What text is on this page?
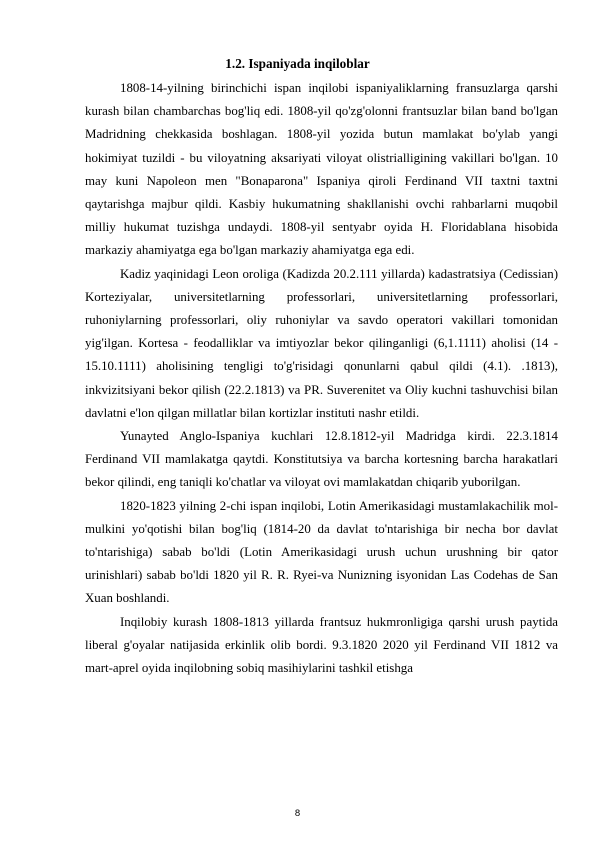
1.2. Ispaniyada inqiloblar

1808-14-yilning birinchichi ispan inqilobi ispaniyaliklarning fransuzlarga qarshi kurash bilan chambarchas bog'liq edi. 1808-yil qo'zg'olonni frantsuzlar bilan band bo'lgan Madridning chekkasida boshlagan. 1808-yil yozida butun mamlakat bo'ylab yangi hokimiyat tuzildi - bu viloyatning aksariyati viloyat olistrialligining vakillari bo'lgan. 10 may kuni Napoleon men "Bonaparona" Ispaniya qiroli Ferdinand VII taxtni taxtni qaytarishga majbur qildi. Kasbiy hukumatning shakllanishi ovchi rahbarlarni muqobil milliy hukumat tuzishga undaydi. 1808-yil sentyabr oyida H. Floridablana hisobida markaziy ahamiyatga ega bo'lgan markaziy ahamiyatga ega edi.

Kadiz yaqinidagi Leon oroliga (Kadizda 20.2.111 yillarda) kadastratsiya (Cedissian) Korteziyalar, universitetlarning professorlari, universitetlarning professorlari, ruhoniylarning professorlari, oliy ruhoniylar va savdo operatori vakillari tomonidan yig'ilgan. Kortesa - feodalliklar va imtiyozlar bekor qilinganligi (6,1.1111) aholisi (14 - 15.10.1111) aholisining tengligi to'g'risidagi qonunlarni qabul qildi (4.1). .1813), inkvizitsiyani bekor qilish (22.2.1813) va PR. Suverenitet va Oliy kuchni tashuvchisi bilan davlatni e'lon qilgan millatlar bilan kortizlar instituti nashr etildi.

Yunayted Anglo-Ispaniya kuchlari 12.8.1812-yil Madridga kirdi. 22.3.1814 Ferdinand VII mamlakatga qaytdi. Konstitutsiya va barcha kortesning barcha harakatlari bekor qilindi, eng taniqli ko'chatlar va viloyat ovi mamlakatdan chiqarib yuborilgan.

1820-1823 yilning 2-chi ispan inqilobi, Lotin Amerikasidagi mustamlakachilik mol-mulkini yo'qotishi bilan bog'liq (1814-20 da davlat to'ntarishiga bir necha bor davlat to'ntarishiga) sabab bo'ldi (Lotin Amerikasidagi urush uchun urushning bir qator urinishlari) sabab bo'ldi 1820 yil R. R. Ryei-va Nunizning isyonidan Las Codehas de San Xuan boshlandi.

Inqilobiy kurash 1808-1813 yillarda frantsuz hukmronligiga qarshi urush paytida liberal g'oyalar natijasida erkinlik olib bordi. 9.3.1820 2020 yil Ferdinand VII 1812 va mart-aprel oyida inqilobning sobiq masihiylarini tashkil etishga

8
